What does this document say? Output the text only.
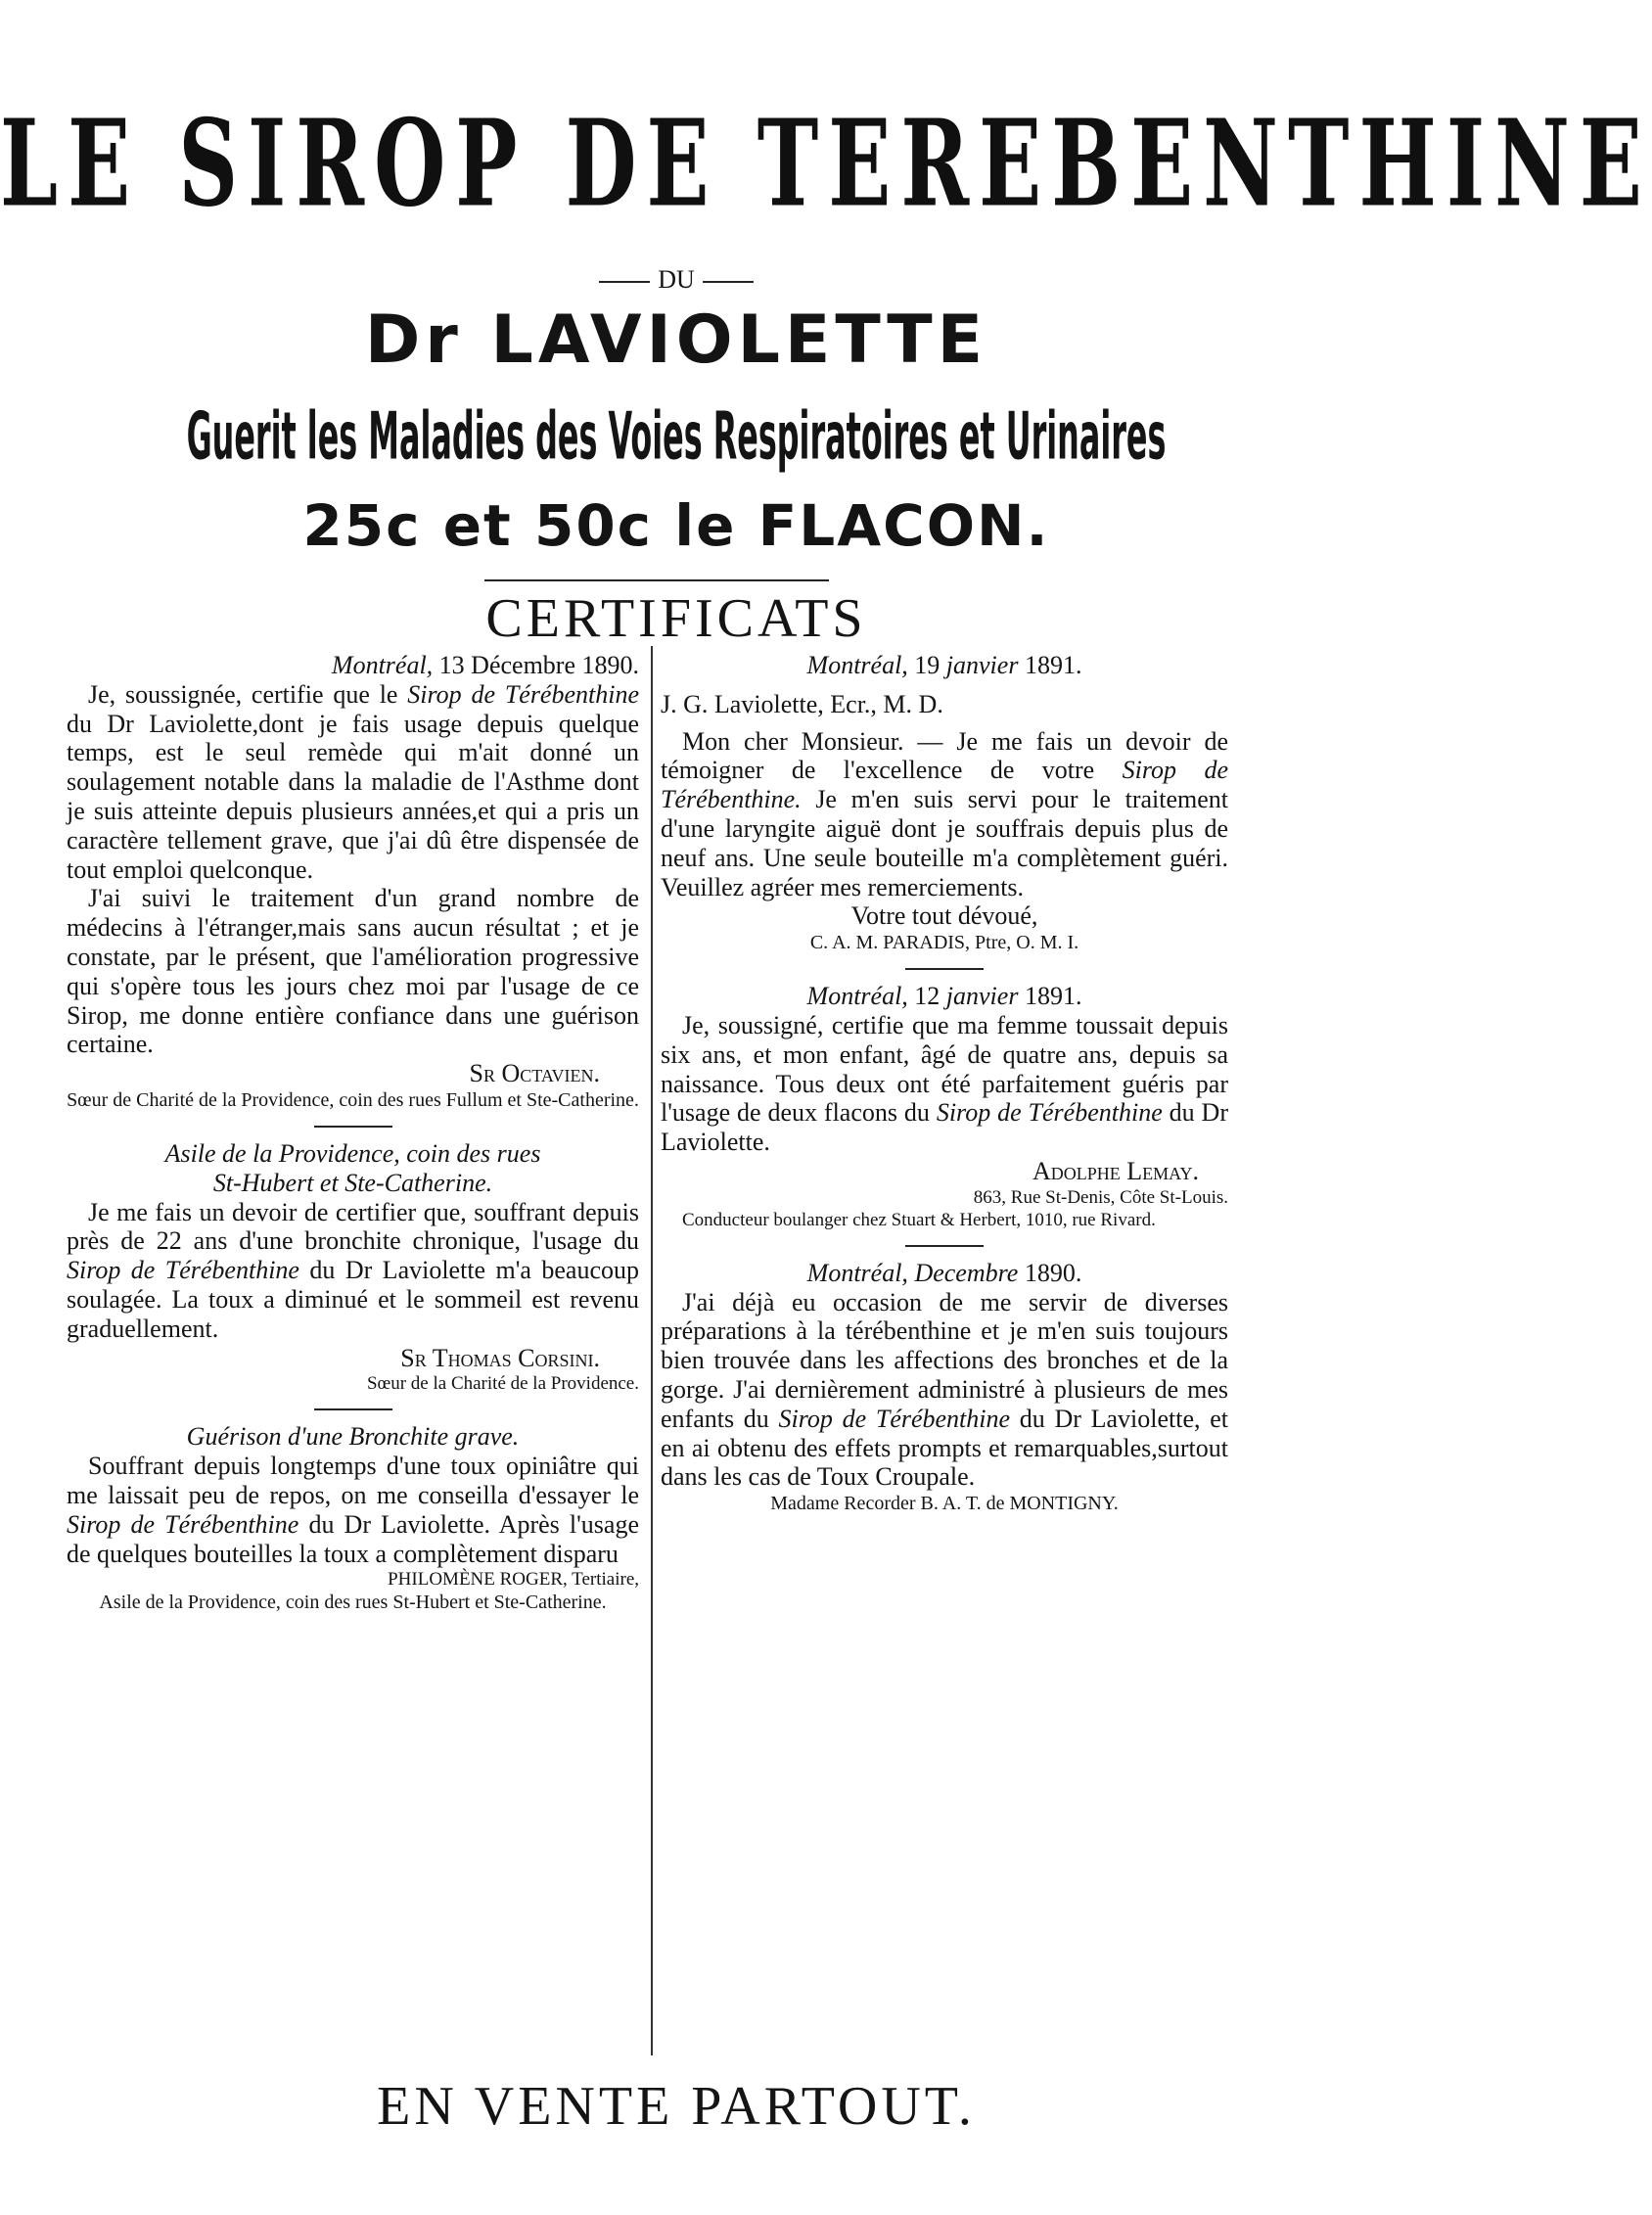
LE SIROP DE TEREBENTHINE
DU
Dr LAVIOLETTE
Guerit les Maladies des Voies Respiratoires et Urinaires
25c et 50c le FLACON.
CERTIFICATS

Montréal, 13 Décembre 1890.

Je, soussignée, certifie que le Sirop de Térébenthine du Dr Laviolette,dont je fais usage depuis quelque temps, est le seul remède qui m'ait donné un soulagement notable dans la maladie de l'Asthme dont je suis atteinte depuis plusieurs années,et qui a pris un caractère tellement grave, que j'ai dû être dispensée de tout emploi quelconque.

J'ai suivi le traitement d'un grand nombre de médecins à l'étranger,mais sans aucun résultat ; et je constate, par le présent, que l'amélioration progressive qui s'opère tous les jours chez moi par l'usage de ce Sirop, me donne entière confiance dans une guérison certaine.

Sr Octavien.

Sœur de Charité de la Providence, coin des rues Fullum et Ste-Catherine.

Asile de la Providence, coin des rues

St-Hubert et Ste-Catherine.

Je me fais un devoir de certifier que, souffrant depuis près de 22 ans d'une bronchite chronique, l'usage du Sirop de Térébenthine du Dr Laviolette m'a beaucoup soulagée. La toux a diminué et le sommeil est revenu graduellement.

Sr Thomas Corsini.

Sœur de la Charité de la Providence.

Guérison d'une Bronchite grave.

Souffrant depuis longtemps d'une toux opiniâtre qui me laissait peu de repos, on me conseilla d'essayer le Sirop de Térébenthine du Dr Laviolette. Après l'usage de quelques bouteilles la toux a complètement disparu

PHILOMÈNE ROGER, Tertiaire,

Asile de la Providence, coin des rues St-Hubert et Ste-Catherine.

Montréal, 19 janvier 1891.

J. G. Laviolette, Ecr., M. D.

Mon cher Monsieur. — Je me fais un devoir de témoigner de l'excellence de votre Sirop de Térébenthine. Je m'en suis servi pour le traitement d'une laryngite aiguë dont je souffrais depuis plus de neuf ans. Une seule bouteille m'a complètement guéri. Veuillez agréer mes remerciements.

Votre tout dévoué,

C. A. M. PARADIS, Ptre, O. M. I.

Montréal, 12 janvier 1891.

Je, soussigné, certifie que ma femme toussait depuis six ans, et mon enfant, âgé de quatre ans, depuis sa naissance. Tous deux ont été parfaitement guéris par l'usage de deux flacons du Sirop de Térébenthine du Dr Laviolette.

Adolphe Lemay.

863, Rue St-Denis, Côte St-Louis.

Conducteur boulanger chez Stuart & Herbert, 1010, rue Rivard.

Montréal, Decembre 1890.

J'ai déjà eu occasion de me servir de diverses préparations à la térébenthine et je m'en suis toujours bien trouvée dans les affections des bronches et de la gorge. J'ai dernièrement administré à plusieurs de mes enfants du Sirop de Térébenthine du Dr Laviolette, et en ai obtenu des effets prompts et remarquables,surtout dans les cas de Toux Croupale.

Madame Recorder B. A. T. de MONTIGNY.

EN VENTE PARTOUT.
